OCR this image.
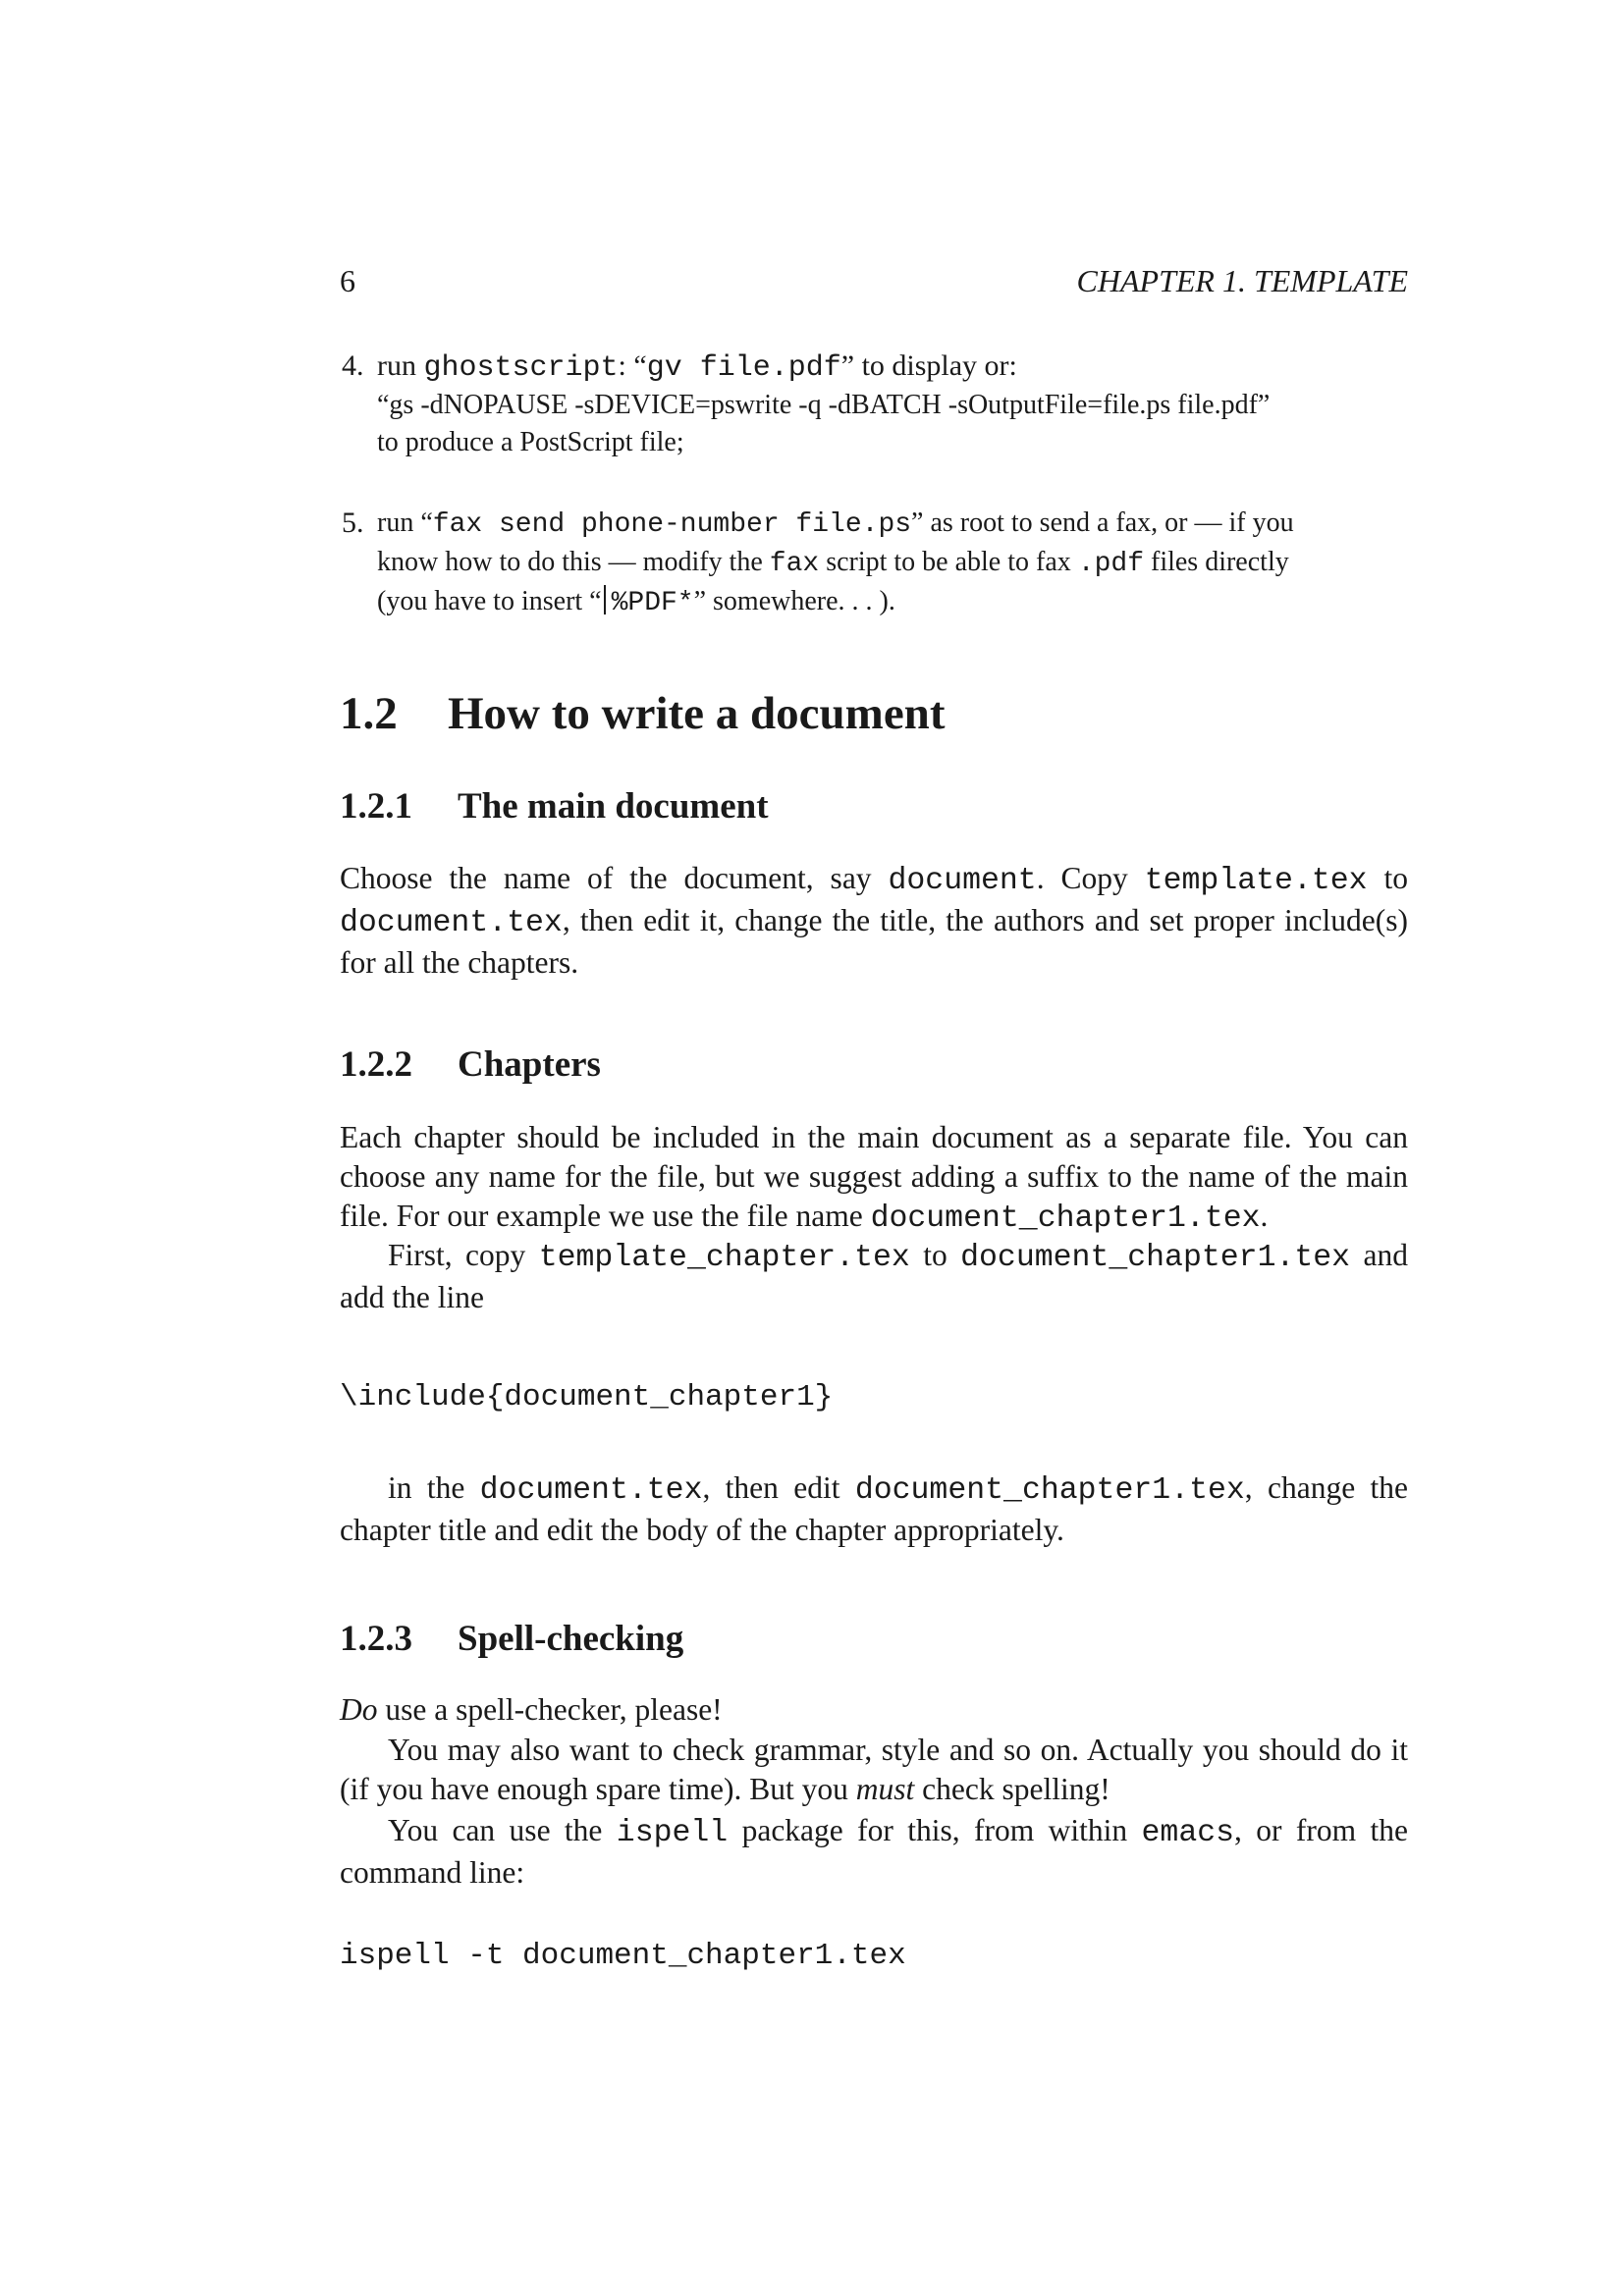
6	CHAPTER 1. TEMPLATE
4. run ghostscript: “gv file.pdf” to display or:
“gs -dNOPAUSE -sDEVICE=pswrite -q -dBATCH -sOutputFile=file.ps file.pdf”
to produce a PostScript file;
5. run “fax send phone-number file.ps” as root to send a fax, or — if you
know how to do this — modify the fax script to be able to fax .pdf files directly
(you have to insert “ %PDF*” somewhere. . . ).
1.2 How to write a document
1.2.1 The main document
Choose the name of the document, say document. Copy template.tex to document.tex, then edit it, change the title, the authors and set proper include(s) for all the chapters.
1.2.2 Chapters
Each chapter should be included in the main document as a separate file. You can choose any name for the file, but we suggest adding a suffix to the name of the main file. For our example we use the file name document_chapter1.tex.
First, copy template_chapter.tex to document_chapter1.tex and add the line
\include{document_chapter1}
in the document.tex, then edit document_chapter1.tex, change the chapter title and edit the body of the chapter appropriately.
1.2.3 Spell-checking
Do use a spell-checker, please!
You may also want to check grammar, style and so on. Actually you should do it (if you have enough spare time). But you must check spelling!
You can use the ispell package for this, from within emacs, or from the command line:
ispell -t document_chapter1.tex
